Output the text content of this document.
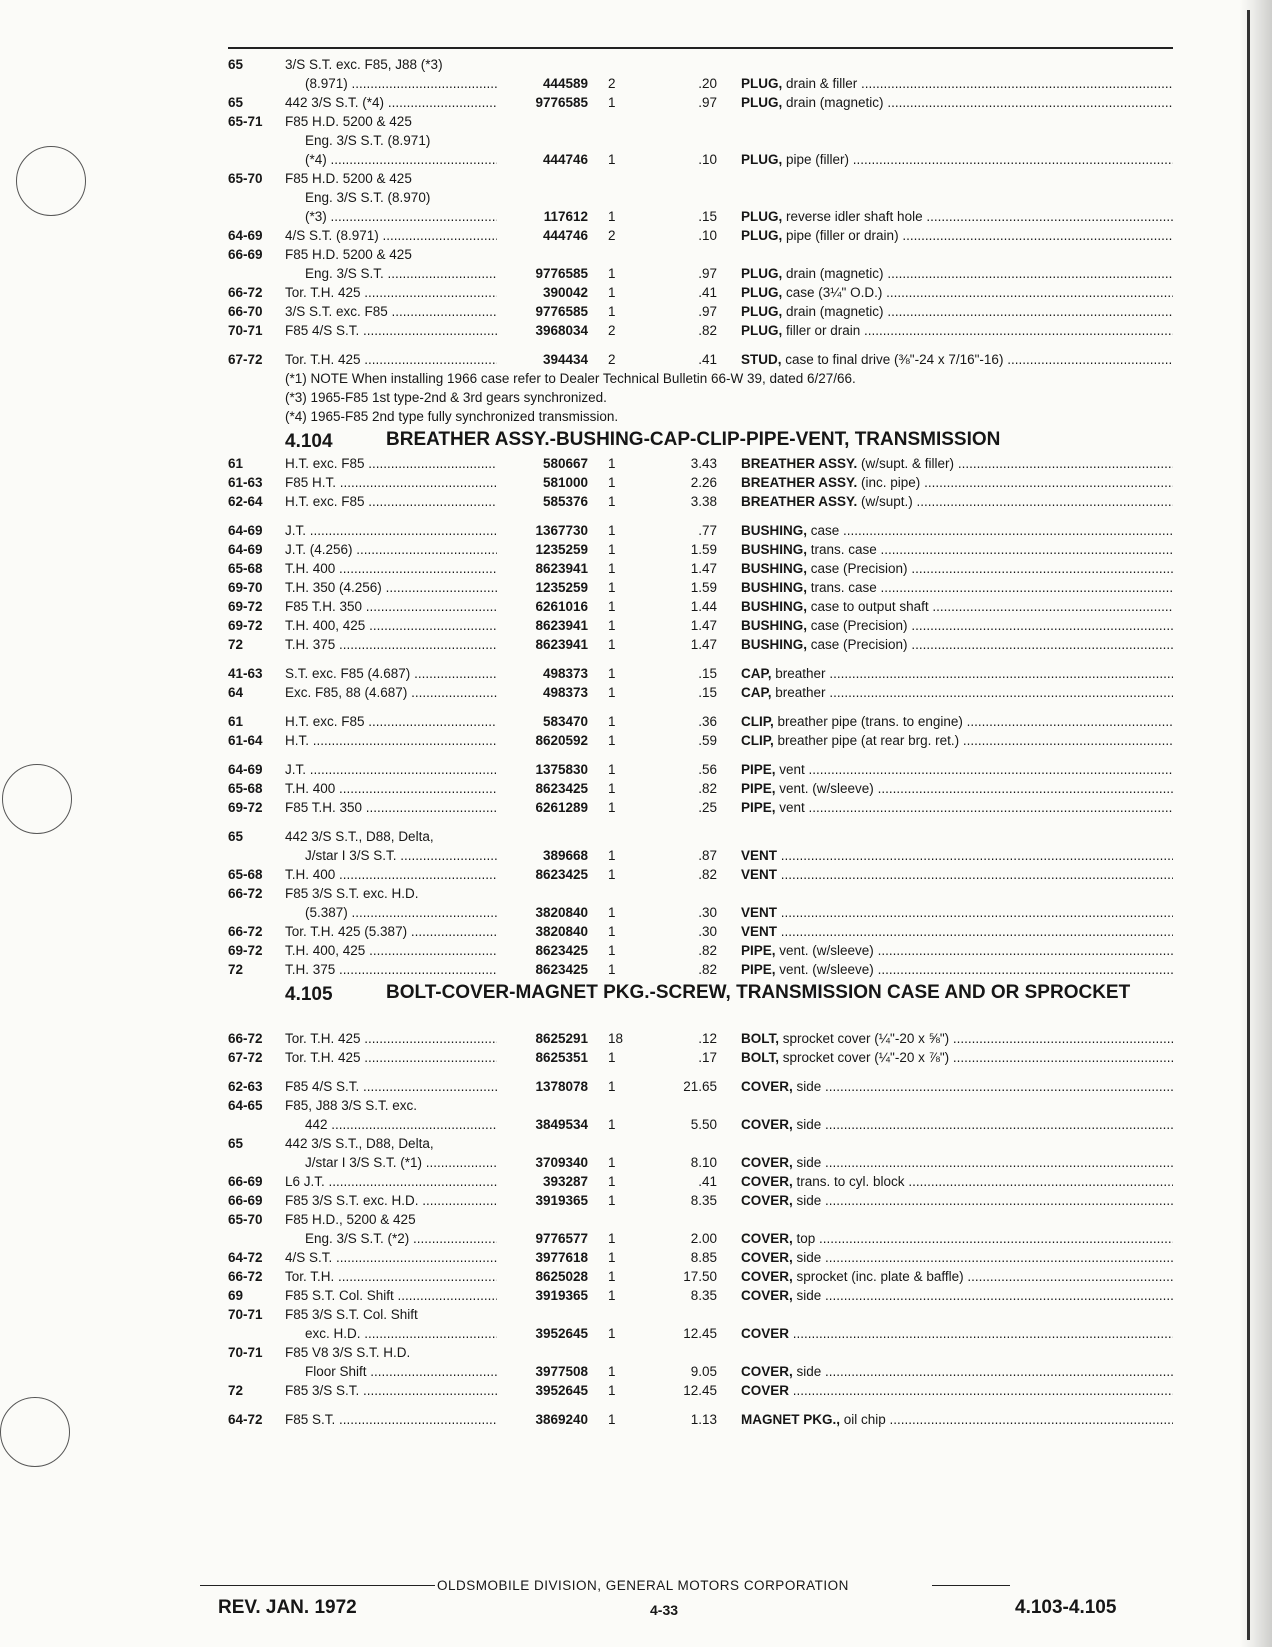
65	3/S S.T. exc. F85, J88 (*3)
(8.971) .....	444589 2	.20 PLUG, drain & filler .....
65	442 3/S S.T. (*4) .....	9776585 1	.97 PLUG, drain (magnetic) .....
65-71 F85 H.D. 5200 & 425
Eng. 3/S S.T. (8.971)
(*4) .....	444746 1	.10 PLUG, pipe (filler) .....
65-70 F85 H.D. 5200 & 425
Eng. 3/S S.T. (8.970)
(*3) .....	117612 1	.15 PLUG, reverse idler shaft hole .....
64-69 4/S S.T. (8.971) .....	444746 2	.10 PLUG, pipe (filler or drain) .....
66-69 F85 H.D. 5200 & 425
Eng. 3/S S.T. .....	9776585 1	.97 PLUG, drain (magnetic) .....
66-72 Tor. T.H. 425 .....	390042 1	.41 PLUG, case (3¼" O.D.) .....
66-70 3/S S.T. exc. F85 .....	9776585 1	.97 PLUG, drain (magnetic) .....
70-71 F85 4/S S.T. .....	3968034 2	.82 PLUG, filler or drain .....
67-72 Tor. T.H. 425 .....	394434 2	.41 STUD, case to final drive (⅜"-24 x 7/16"-16) .....
(*1) NOTE When installing 1966 case refer to Dealer Technical Bulletin 66-W 39, dated 6/27/66.
(*3) 1965-F85 1st type-2nd & 3rd gears synchronized.
(*4) 1965-F85 2nd type fully synchronized transmission.
4.104	BREATHER ASSY.-BUSHING-CAP-CLIP-PIPE-VENT, TRANSMISSION
61	H.T. exc. F85 .....	580667 1	3.43 BREATHER ASSY. (w/supt. & filler) .....
61-63 F85 H.T. .....	581000 1	2.26 BREATHER ASSY. (inc. pipe) .....
62-64 H.T. exc. F85 .....	585376 1	3.38 BREATHER ASSY. (w/supt.) .....
64-69 J.T. .....	1367730 1	.77 BUSHING, case .....
64-69 J.T. (4.256) .....	1235259 1	1.59 BUSHING, trans. case .....
65-68 T.H. 400 .....	8623941 1	1.47 BUSHING, case (Precision) .....
69-70 T.H. 350 (4.256) .....	1235259 1	1.59 BUSHING, trans. case .....
69-72 F85 T.H. 350 .....	6261016 1	1.44 BUSHING, case to output shaft .....
69-72 T.H. 400, 425 .....	8623941 1	1.47 BUSHING, case (Precision) .....
72	T.H. 375 .....	8623941 1	1.47 BUSHING, case (Precision) .....
41-63 S.T. exc. F85 (4.687) .....	498373 1	.15 CAP, breather .....
64	Exc. F85, 88 (4.687) .....	498373 1	.15 CAP, breather .....
61	H.T. exc. F85 .....	583470 1	.36 CLIP, breather pipe (trans. to engine) .....
61-64 H.T. .....	8620592 1	.59 CLIP, breather pipe (at rear brg. ret.) .....
64-69 J.T. .....	1375830 1	.56 PIPE, vent .....
65-68 T.H. 400 .....	8623425 1	.82 PIPE, vent. (w/sleeve) .....
69-72 F85 T.H. 350 .....	6261289 1	.25 PIPE, vent .....
65	442 3/S S.T., D88, Delta,
J/star I 3/S S.T. .....	389668 1	.87 VENT .....
65-68 T.H. 400 .....	8623425 1	.82 VENT .....
66-72 F85 3/S S.T. exc. H.D.
(5.387) .....	3820840 1	.30 VENT .....
66-72 Tor. T.H. 425 (5.387) .....	3820840 1	.30 VENT .....
69-72 T.H. 400, 425 .....	8623425 1	.82 PIPE, vent. (w/sleeve) .....
72	T.H. 375 .....	8623425 1	.82 PIPE, vent. (w/sleeve) .....
4.105	BOLT-COVER-MAGNET PKG.-SCREW, TRANSMISSION CASE AND OR SPROCKET
66-72 Tor. T.H. 425 .....	8625291 18	.12 BOLT, sprocket cover (¼"-20 x ⅝") .....
67-72 Tor. T.H. 425 .....	8625351 1	.17 BOLT, sprocket cover (¼"-20 x ⅞") .....
62-63 F85 4/S S.T. .....	1378078 1	21.65 COVER, side .....
64-65 F85, J88 3/S S.T. exc.
442 .....	3849534 1	5.50 COVER, side .....
65	442 3/S S.T., D88, Delta,
J/star I 3/S S.T. (*1) .....	3709340 1	8.10 COVER, side .....
66-69 L6 J.T. .....	393287 1	.41 COVER, trans. to cyl. block .....
66-69 F85 3/S S.T. exc. H.D. .....	3919365 1	8.35 COVER, side .....
65-70 F85 H.D., 5200 & 425
Eng. 3/S S.T. (*2) .....	9776577 1	2.00 COVER, top .....
64-72 4/S S.T. .....	3977618 1	8.85 COVER, side .....
66-72 Tor. T.H. .....	8625028 1	17.50 COVER, sprocket (inc. plate & baffle) .....
69	F85 S.T. Col. Shift .....	3919365 1	8.35 COVER, side .....
70-71 F85 3/S S.T. Col. Shift
exc. H.D. .....	3952645 1	12.45 COVER .....
70-71 F85 V8 3/S S.T. H.D.
Floor Shift .....	3977508 1	9.05 COVER, side .....
72	F85 3/S S.T. .....	3952645 1	12.45 COVER .....
64-72 F85 S.T. .....	3869240 1	1.13 MAGNET PKG., oil chip .....
OLDSMOBILE DIVISION, GENERAL MOTORS CORPORATION
REV. JAN. 1972	4-33	4.103-4.105
